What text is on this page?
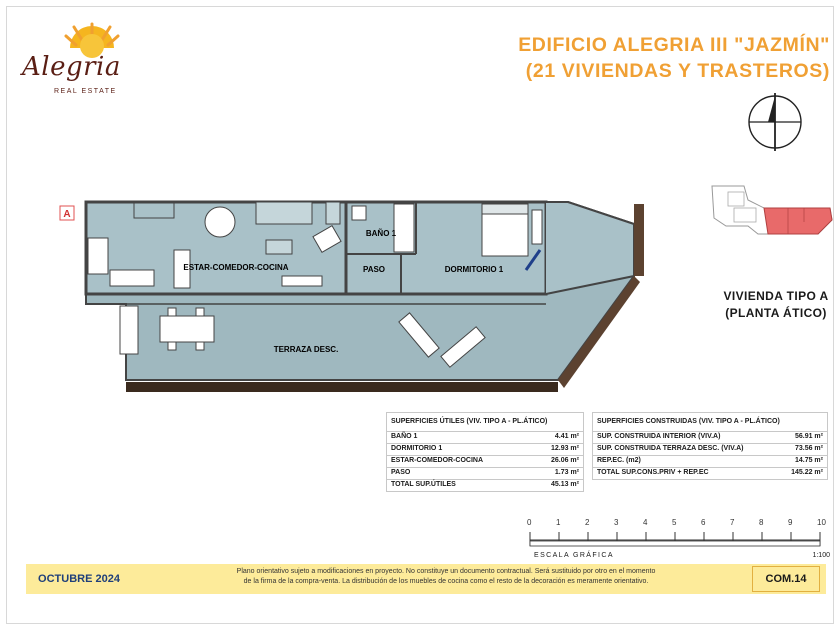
Alegria
REAL ESTATE
EDIFICIO ALEGRIA III "JAZMÍN"
(21 VIVIENDAS Y TRASTEROS)
VIVIENDA TIPO A
(PLANTA ÁTICO)
A
ESTAR-COMEDOR-COCINA
BAÑO 1
PASO	DORMITORIO 1
TERRAZA DESC.
SUPERFICIES ÚTILES (VIV. TIPO A - PL.ÁTICO)	
BAÑO 1	4.41 m²
DORMITORIO 1	12.93 m²
ESTAR-COMEDOR-COCINA	26.06 m²
PASO	1.73 m²
TOTAL SUP.ÚTILES	45.13 m²
SUPERFICIES CONSTRUIDAS (VIV. TIPO A - PL.ÁTICO)	
SUP. CONSTRUIDA INTERIOR (VIV.A)	56.91 m²
SUP. CONSTRUIDA TERRAZA DESC. (VIV.A)	73.56 m²
REP.EC. (m2)	14.75 m²
TOTAL SUP.CONS.PRIV + REP.EC	145.22 m²
0	1	2	3	4	5	6	7	8	9	10
ESCALA GRÁFICA	1:100
OCTUBRE 2024
Plano orientativo sujeto a modificaciones en proyecto. No constituye un documento contractual. Será sustituido por otro en el momento
de la firma de la compra-venta. La distribución de los muebles de cocina como el resto de la decoración es meramente orientativo.	COM.14
